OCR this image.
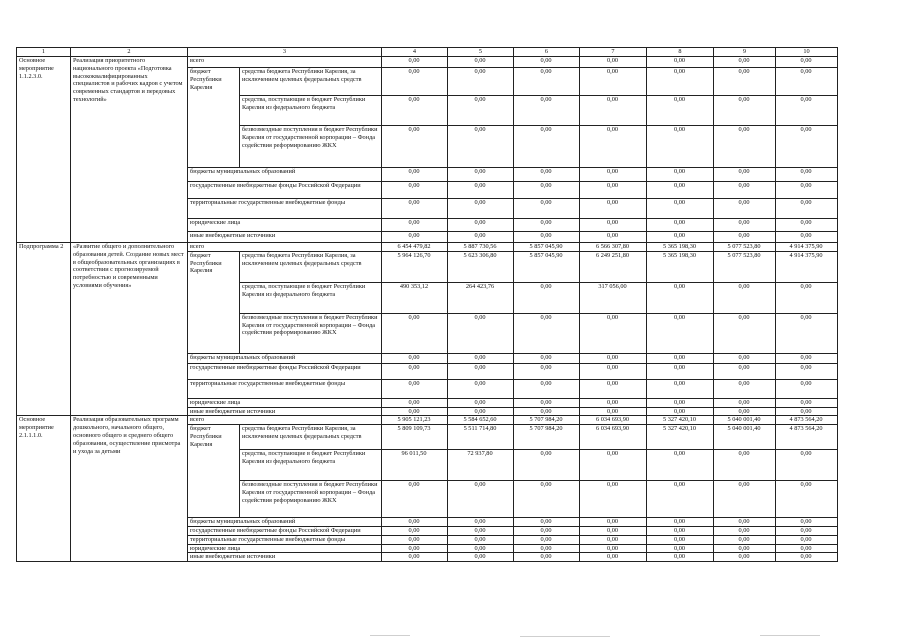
1	2	3		4	5	6	7	8	9	10
Основное мероприятие 1.1.2.3.0.	Реализация приоритетного национального проекта «Подготовка высококвалифицированных специалистов и рабочих кадров с учетом современных стандартов и передовых технологий»	всего		0,00	0,00	0,00	0,00	0,00	0,00	0,00
		бюджет Республики Карелия	средства бюджета Республики Карелия, за исключением целевых федеральных средств	0,00	0,00	0,00	0,00	0,00	0,00	0,00
			средства, поступающие в бюджет Республики Карелия из федерального бюджета	0,00	0,00	0,00	0,00	0,00	0,00	0,00
			безвозмездные поступления в бюджет Республики Карелия от государственной корпорации – Фонда содействия реформированию ЖКХ	0,00	0,00	0,00	0,00	0,00	0,00	0,00
		бюджеты муниципальных образований		0,00	0,00	0,00	0,00	0,00	0,00	0,00
		государственные внебюджетные фонды Российской Федерации		0,00	0,00	0,00	0,00	0,00	0,00	0,00
		территориальные государственные внебюджетные фонды		0,00	0,00	0,00	0,00	0,00	0,00	0,00
		юридические лица		0,00	0,00	0,00	0,00	0,00	0,00	0,00
		иные внебюджетные источники		0,00	0,00	0,00	0,00	0,00	0,00	0,00
Подпрограмма 2	«Развитие общего и дополнительного образования детей. Создание новых мест в общеобразовательных организациях в соответствии с прогнозируемой потребностью и современными условиями обучения»	всего		6 454 479,82	5 887 730,56	5 857 045,90	6 566 307,80	5 365 198,30	5 077 523,80	4 914 375,90
		бюджет Республики Карелия	средства бюджета Республики Карелия, за исключением целевых федеральных средств	5 964 126,70	5 623 306,80	5 857 045,90	6 249 251,80	5 365 198,30	5 077 523,80	4 914 375,90
			средства, поступающие в бюджет Республики Карелия из федерального бюджета	490 353,12	264 423,76	0,00	317 056,00	0,00	0,00	0,00
			безвозмездные поступления в бюджет Республики Карелия от государственной корпорации – Фонда содействия реформированию ЖКХ	0,00	0,00	0,00	0,00	0,00	0,00	0,00
		бюджеты муниципальных образований		0,00	0,00	0,00	0,00	0,00	0,00	0,00
		государственные внебюджетные фонды Российской Федерации		0,00	0,00	0,00	0,00	0,00	0,00	0,00
		территориальные государственные внебюджетные фонды		0,00	0,00	0,00	0,00	0,00	0,00	0,00
		юридические лица		0,00	0,00	0,00	0,00	0,00	0,00	0,00
		иные внебюджетные источники		0,00	0,00	0,00	0,00	0,00	0,00	0,00
Основное мероприятие 2.1.1.1.0.	Реализация образовательных программ дошкольного, начального общего, основного общего и среднего общего образования, осуществление присмотра и ухода за детьми	всего		5 905 121,23	5 584 652,60	5 707 984,20	6 034 693,90	5 327 420,10	5 040 001,40	4 873 564,20
		бюджет Республики Карелия	средства бюджета Республики Карелия, за исключением целевых федеральных средств	5 809 109,73	5 511 714,80	5 707 984,20	6 034 693,90	5 327 420,10	5 040 001,40	4 873 564,20
			средства, поступающие в бюджет Республики Карелия из федерального бюджета	96 011,50	72 937,80	0,00	0,00	0,00	0,00	0,00
			безвозмездные поступления в бюджет Республики Карелия от государственной корпорации – Фонда содействия реформированию ЖКХ	0,00	0,00	0,00	0,00	0,00	0,00	0,00
		бюджеты муниципальных образований		0,00	0,00	0,00	0,00	0,00	0,00	0,00
		государственные внебюджетные фонды Российской Федерации		0,00	0,00	0,00	0,00	0,00	0,00	0,00
		территориальные государственные внебюджетные фонды		0,00	0,00	0,00	0,00	0,00	0,00	0,00
		юридические лица		0,00	0,00	0,00	0,00	0,00	0,00	0,00
		иные внебюджетные источники		0,00	0,00	0,00	0,00	0,00	0,00	0,00
